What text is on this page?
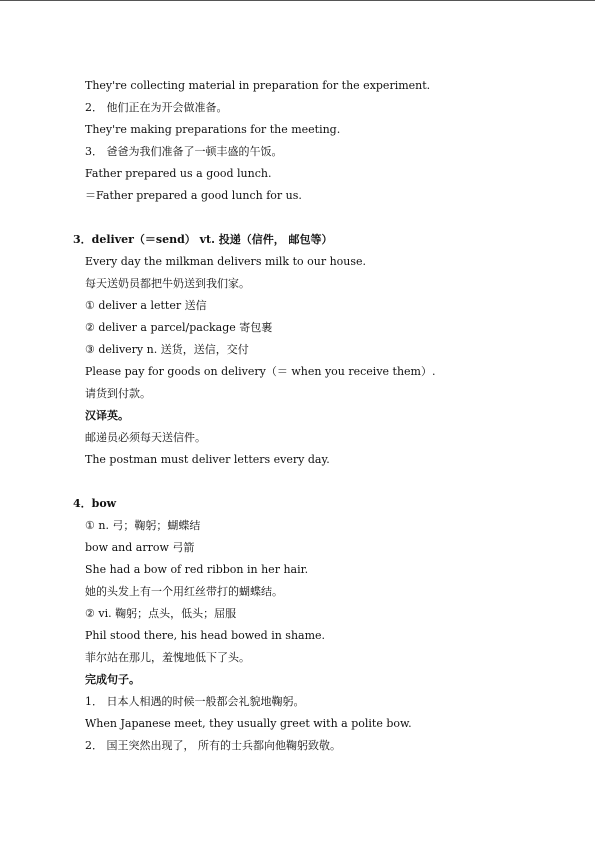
They're collecting material in preparation for the experiment.
2． 他们正在为开会做准备。
They're making preparations for the meeting.
3． 爸爸为我们准备了一顿丰盛的午饭。
Father prepared us a good lunch.
＝Father prepared a good lunch for us.
3．deliver（＝send） vt. 投递（信件， 邮包等）
Every day the milkman delivers milk to our house.
每天送奶员都把牛奶送到我们家。
① deliver a letter 送信
② deliver a parcel/package 寄包裹
③ delivery n. 送货，送信，交付
Please pay for goods on delivery（＝ when you receive them）.
请货到付款。
汉译英。
邮递员必须每天送信件。
The postman must deliver letters every day.
4．bow
① n. 弓；鞠躬；蝴蝶结
bow and arrow 弓箭
She had a bow of red ribbon in her hair.
她的头发上有一个用红丝带打的蝴蝶结。
② vi. 鞠躬；点头，低头；屈服
Phil stood there, his head bowed in shame.
菲尔站在那儿，羞愧地低下了头。
完成句子。
1． 日本人相遇的时候一般都会礼貌地鞠躬。
When Japanese meet, they usually greet with a polite bow.
2． 国王突然出现了， 所有的士兵都向他鞠躬致敬。
